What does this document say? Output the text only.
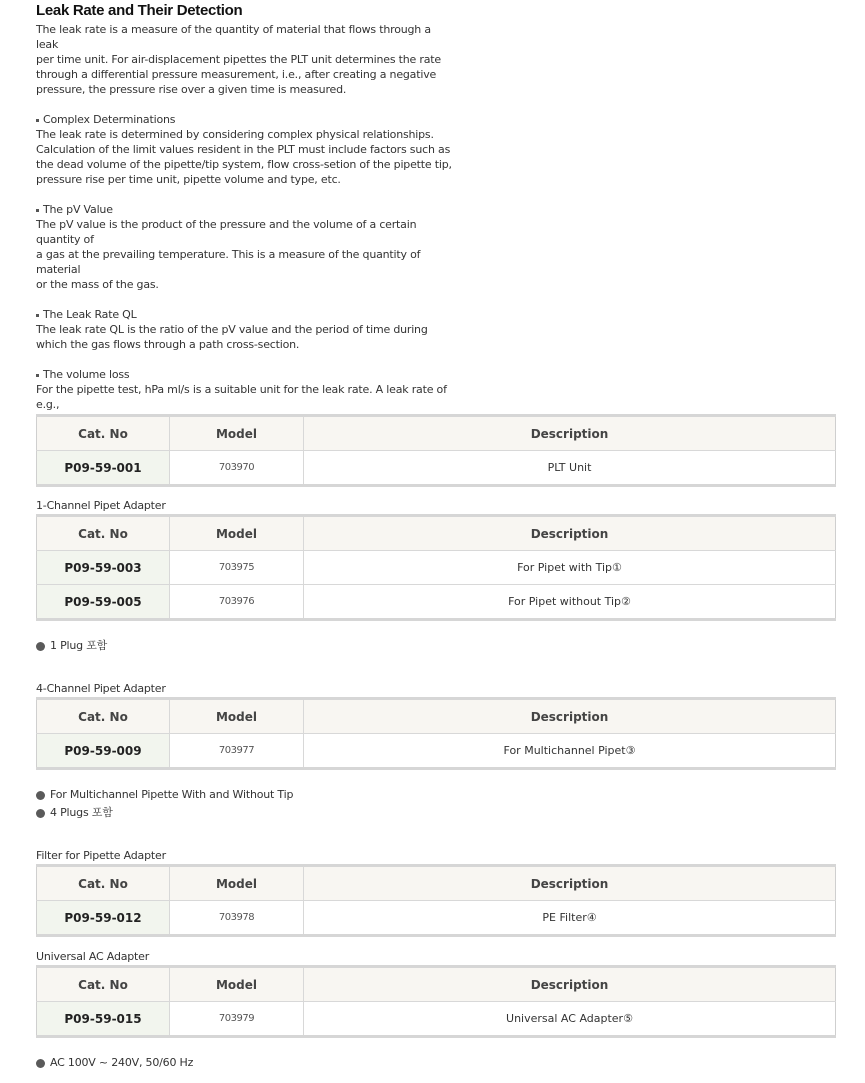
Leak Rate and Their Detection

The leak rate is a measure of the quantity of material that flows through a leak

per time unit. For air-displacement pipettes the PLT unit determines the rate

through a differential pressure measurement, i.e., after creating a negative

pressure, the pressure rise over a given time is measured.

Complex Determinations

The leak rate is determined by considering complex physical relationships.

Calculation of the limit values resident in the PLT must include factors such as

the dead volume of the pipette/tip system, flow cross-setion of the pipette tip,

pressure rise per time unit, pipette volume and type, etc.

The pV Value

The pV value is the product of the pressure and the volume of a certain quantity of

a gas at the prevailing temperature. This is a measure of the quantity of material

or the mass of the gas.

The Leak Rate QL

The leak rate QL is the ratio of the pV value and the period of time during

which the gas flows through a path cross-section.

The volume loss

For the pipette test, hPa ml/s is a suitable unit for the leak rate. A leak rate of e.g.,

Cat. No	Model	Description
P09-59-001	703970	PLT Unit
1-Channel Pipet Adapter
Cat. No	Model	Description
P09-59-003	703975	For Pipet with Tip①
P09-59-005	703976	For Pipet without Tip②
1 Plug 포함
4-Channel Pipet Adapter
Cat. No	Model	Description
P09-59-009	703977	For Multichannel Pipet③
For Multichannel Pipette With and Without Tip
4 Plugs 포함
Filter for Pipette Adapter
Cat. No	Model	Description
P09-59-012	703978	PE Filter④
Universal AC Adapter
Cat. No	Model	Description
P09-59-015	703979	Universal AC Adapter⑤
AC 100V ~ 240V, 50/60 Hz
